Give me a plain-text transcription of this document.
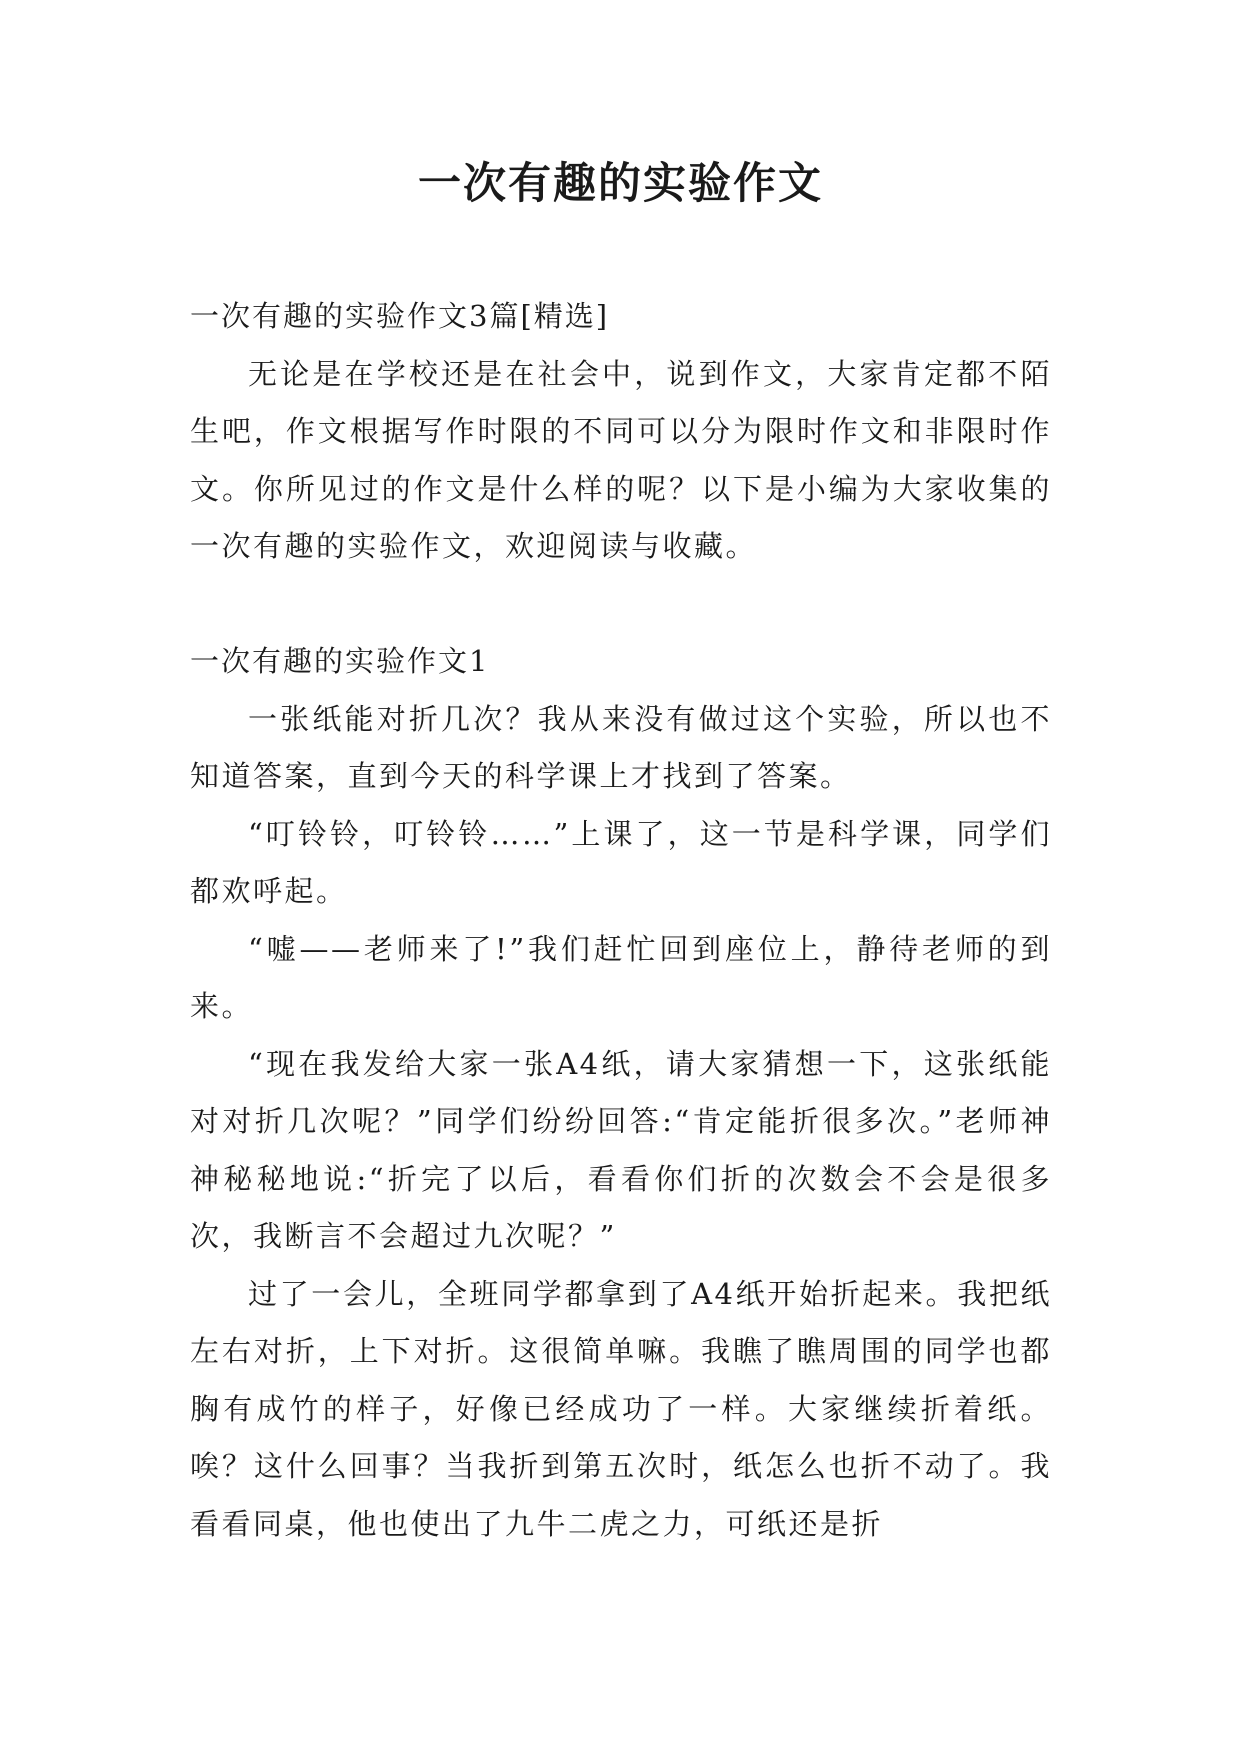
一次有趣的实验作文

一次有趣的实验作文3篇[精选]

无论是在学校还是在社会中，说到作文，大家肯定都不陌生吧，作文根据写作时限的不同可以分为限时作文和非限时作文。你所见过的作文是什么样的呢？以下是小编为大家收集的一次有趣的实验作文，欢迎阅读与收藏。

一次有趣的实验作文1

一张纸能对折几次？我从来没有做过这个实验，所以也不知道答案，直到今天的科学课上才找到了答案。

“叮铃铃，叮铃铃……”上课了，这一节是科学课，同学们都欢呼起。

“嘘——老师来了!”我们赶忙回到座位上，静待老师的到来。

“现在我发给大家一张A4纸，请大家猜想一下，这张纸能对对折几次呢？”同学们纷纷回答:“肯定能折很多次。”老师神神秘秘地说:“折完了以后，看看你们折的次数会不会是很多次，我断言不会超过九次呢？”

过了一会儿，全班同学都拿到了A4纸开始折起来。我把纸左右对折，上下对折。这很简单嘛。我瞧了瞧周围的同学也都胸有成竹的样子，好像已经成功了一样。大家继续折着纸。唉？这什么回事？当我折到第五次时，纸怎么也折不动了。我看看同桌，他也使出了九牛二虎之力，可纸还是折
